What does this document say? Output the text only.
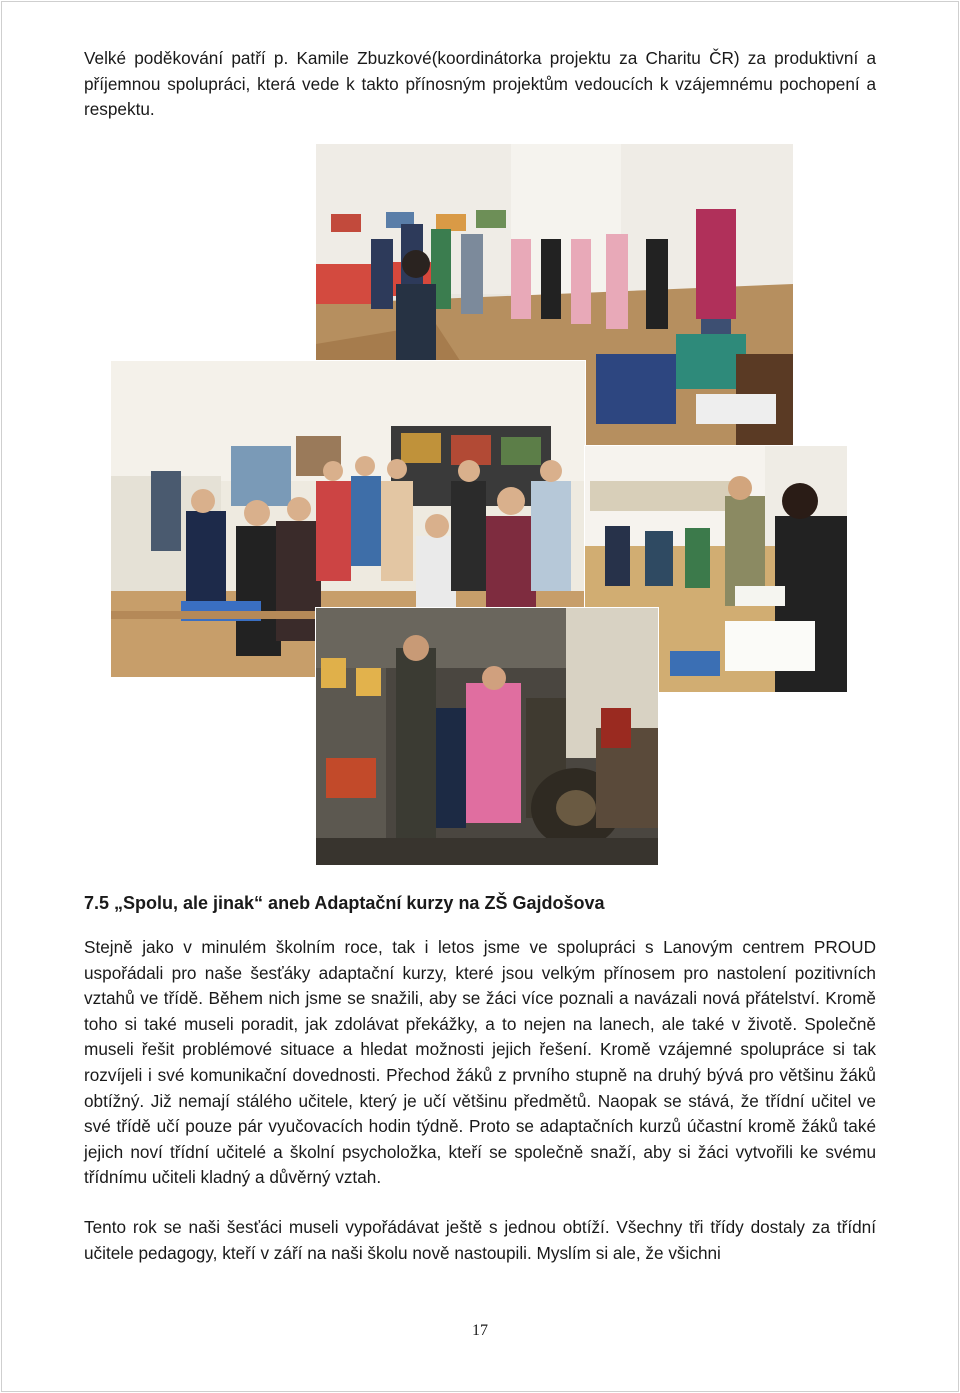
Velké poděkování patří p. Kamile Zbuzkové(koordinátorka projektu za Charitu ČR) za produktivní a příjemnou spolupráci, která vede k takto přínosným projektům vedoucích k vzájemnému pochopení a respektu.

7.5 „Spolu, ale jinak“ aneb Adaptační kurzy na ZŠ Gajdošova

Stejně jako v minulém školním roce, tak i letos jsme ve spolupráci s Lanovým centrem PROUD uspořádali pro naše šesťáky adaptační kurzy, které jsou velkým přínosem pro nastolení pozitivních vztahů ve třídě. Během nich jsme se snažili, aby se žáci více poznali a navázali nová přátelství. Kromě toho si také museli poradit, jak zdolávat překážky, a to nejen na lanech, ale také v životě. Společně museli řešit problémové situace a hledat možnosti jejich řešení. Kromě vzájemné spolupráce si tak rozvíjeli i své komunikační dovednosti. Přechod žáků z prvního stupně na druhý bývá pro většinu žáků obtížný. Již nemají stálého učitele, který je učí většinu předmětů. Naopak se stává, že třídní učitel ve své třídě učí pouze pár vyučovacích hodin týdně. Proto se adaptačních kurzů účastní kromě žáků také jejich noví třídní učitelé a školní psycholožka, kteří se společně snaží, aby si žáci vytvořili ke svému třídnímu učiteli kladný a důvěrný vztah.

Tento rok se naši šesťáci museli vypořádávat ještě s jednou obtíží. Všechny tři třídy dostaly za třídní učitele pedagogy, kteří v září na naši školu nově nastoupili. Myslím si ale, že všichni

17
